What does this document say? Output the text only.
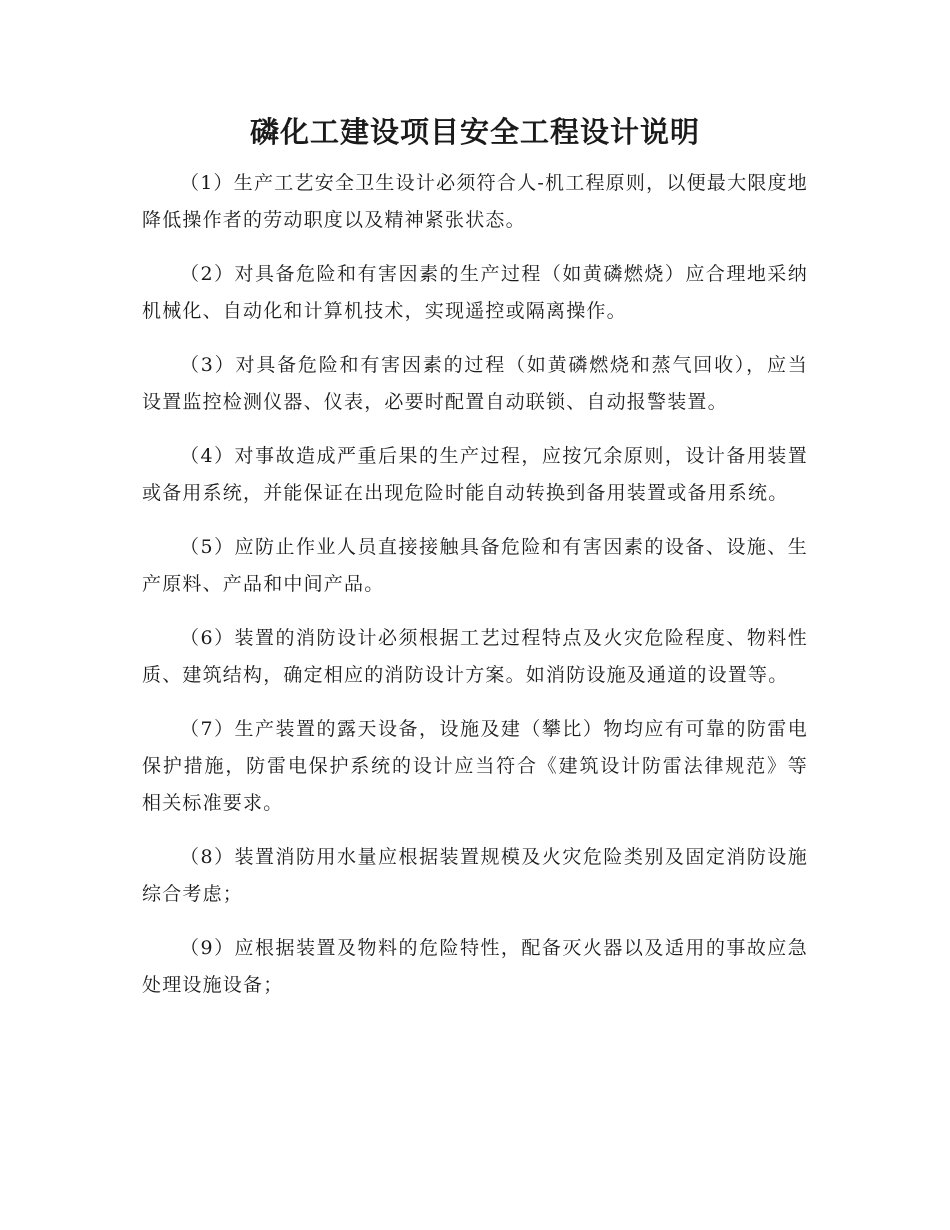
磷化工建设项目安全工程设计说明

（1）生产工艺安全卫生设计必须符合人-机工程原则，以便最大限度地降低操作者的劳动职度以及精神紧张状态。

（2）对具备危险和有害因素的生产过程（如黄磷燃烧）应合理地采纳机械化、自动化和计算机技术，实现遥控或隔离操作。

（3）对具备危险和有害因素的过程（如黄磷燃烧和蒸气回收），应当设置监控检测仪器、仪表，必要时配置自动联锁、自动报警装置。

（4）对事故造成严重后果的生产过程，应按冗余原则，设计备用装置或备用系统，并能保证在出现危险时能自动转换到备用装置或备用系统。

（5）应防止作业人员直接接触具备危险和有害因素的设备、设施、生产原料、产品和中间产品。

（6）装置的消防设计必须根据工艺过程特点及火灾危险程度、物料性质、建筑结构，确定相应的消防设计方案。如消防设施及通道的设置等。

（7）生产装置的露天设备，设施及建（攀比）物均应有可靠的防雷电保护措施，防雷电保护系统的设计应当符合《建筑设计防雷法律规范》等相关标准要求。

（8）装置消防用水量应根据装置规模及火灾危险类别及固定消防设施综合考虑；

（9）应根据装置及物料的危险特性，配备灭火器以及适用的事故应急处理设施设备；
